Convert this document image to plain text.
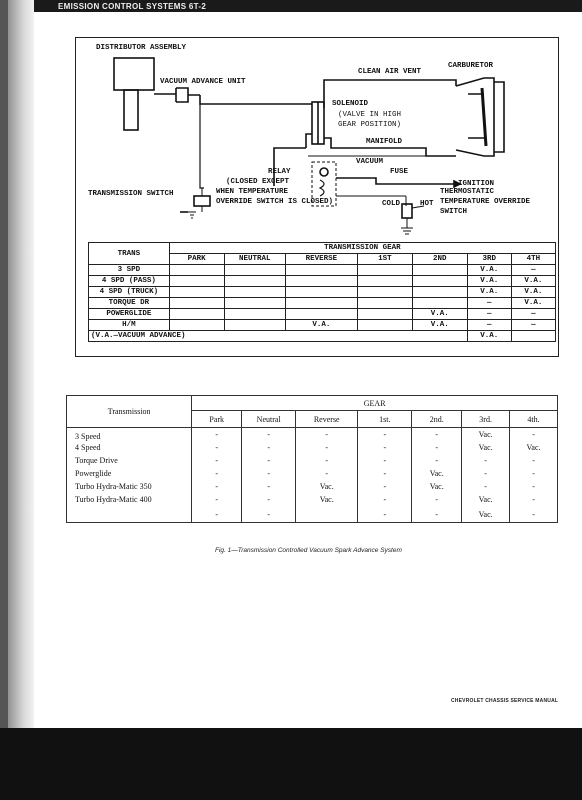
EMISSION CONTROL SYSTEMS 6T-2
DISTRIBUTOR ASSEMBLY
VACUUM ADVANCE UNIT
CLEAN AIR VENT
CARBURETOR
SOLENOID
(VALVE IN HIGH
GEAR POSITION)
MANIFOLD
VACUUM
RELAY
(CLOSED EXCEPT
WHEN TEMPERATURE
OVERRIDE SWITCH IS CLOSED)
FUSE
IGNITION
TRANSMISSION SWITCH
COLD	HOT
THERMOSTATIC
TEMPERATURE OVERRIDE
SWITCH
TRANS	TRANSMISSION GEAR						
	PARK	NEUTRAL	REVERSE	1ST	2ND	3RD	4TH
3 SPD						V.A.	—
4 SPD (PASS)						V.A.	V.A.
4 SPD (TRUCK)						V.A.	V.A.
TORQUE DR						—	V.A.
POWERGLIDE					V.A.	—	—
H/M			V.A.		V.A.	—	—
(V.A.—VACUUM ADVANCE)						V.A.	
Transmission	GEAR						
	Park	Neutral	Reverse	1st.	2nd.	3rd.	4th.
3 Speed	-	-	-	-	-	Vac.	-
4 Speed	-	-	-	-	-	Vac.	Vac.
Torque Drive	-	-	-	-	-	-	-
Powerglide	-	-	-	-	Vac.	-	-
Turbo Hydra-Matic 350	-	-	Vac.	-	Vac.	-	-
Turbo Hydra-Matic 400	-	-	Vac.	-	-	Vac.	-
	-	-		-	-	Vac.	-
Fig. 1—Transmission Controlled Vacuum Spark Advance System
CHEVROLET CHASSIS SERVICE MANUAL
